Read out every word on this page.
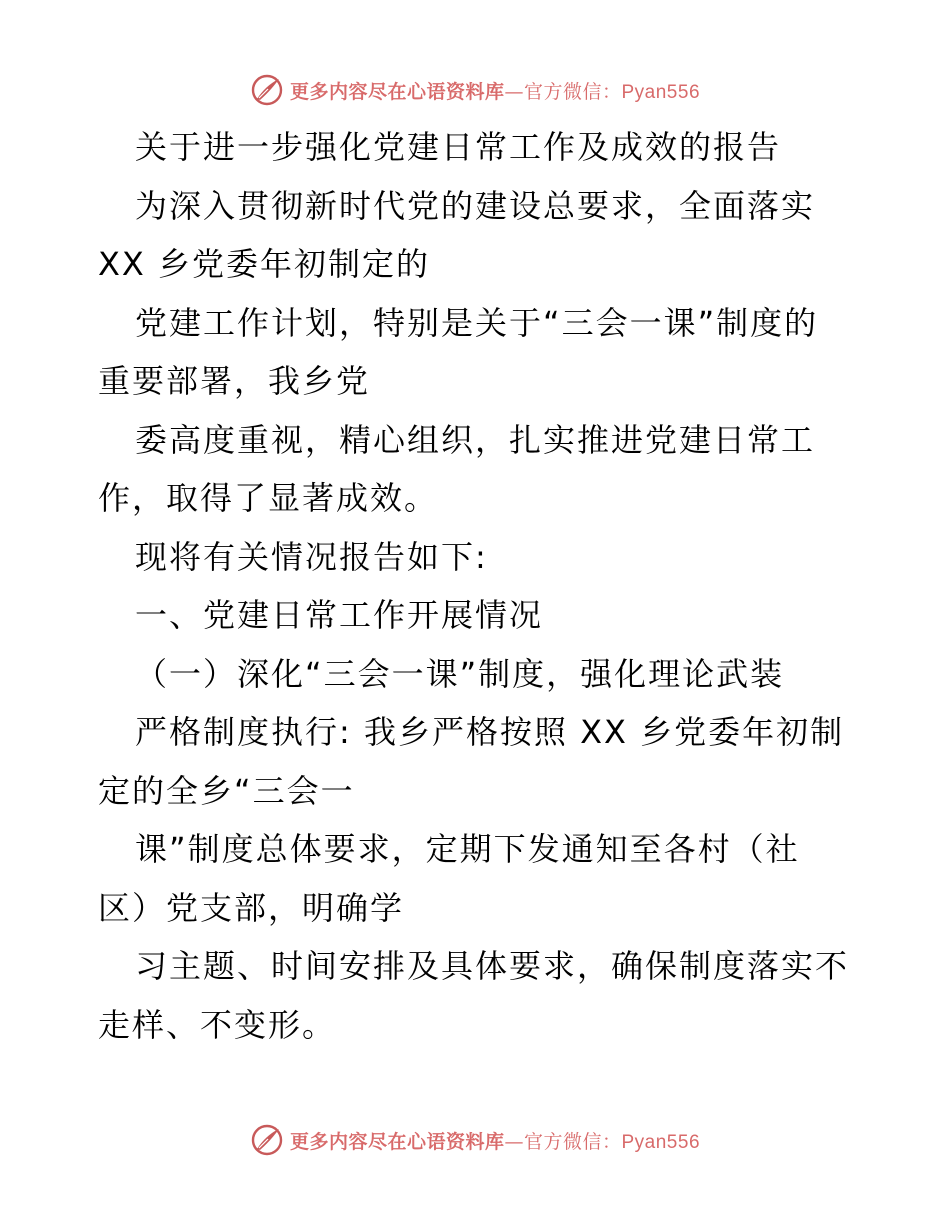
更多内容尽在心语资料库—官方微信：Pyan556
关于进一步强化党建日常工作及成效的报告
为深入贯彻新时代党的建设总要求，全面落实
XX 乡党委年初制定的
党建工作计划，特别是关于“三会一课”制度的
重要部署，我乡党
委高度重视，精心组织，扎实推进党建日常工
作，取得了显著成效。
现将有关情况报告如下:
一、党建日常工作开展情况
（一）深化“三会一课”制度，强化理论武装
严格制度执行: 我乡严格按照 XX 乡党委年初制
定的全乡“三会一
课”制度总体要求，定期下发通知至各村（社
区）党支部，明确学
习主题、时间安排及具体要求，确保制度落实不
走样、不变形。
更多内容尽在心语资料库—官方微信：Pyan556
